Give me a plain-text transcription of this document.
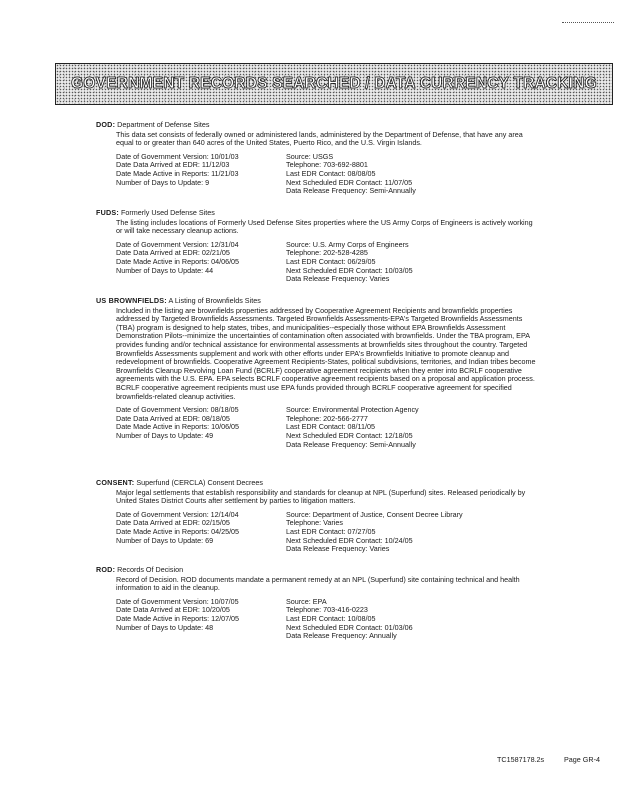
GOVERNMENT RECORDS SEARCHED / DATA CURRENCY TRACKING
DOD: Department of Defense Sites
This data set consists of federally owned or administered lands, administered by the Department of Defense, that have any area equal to or greater than 640 acres of the United States, Puerto Rico, and the U.S. Virgin Islands.
Date of Government Version: 10/01/03	Source: USGS
Date Data Arrived at EDR: 11/12/03	Telephone: 703-692-8801
Date Made Active in Reports: 11/21/03	Last EDR Contact: 08/08/05
Number of Days to Update: 9	Next Scheduled EDR Contact: 11/07/05
Data Release Frequency: Semi-Annually
FUDS: Formerly Used Defense Sites
The listing includes locations of Formerly Used Defense Sites properties where the US Army Corps of Engineers is actively working or will take necessary cleanup actions.
Date of Government Version: 12/31/04	Source: U.S. Army Corps of Engineers
Date Data Arrived at EDR: 02/21/05	Telephone: 202-528-4285
Date Made Active in Reports: 04/06/05	Last EDR Contact: 06/29/05
Number of Days to Update: 44	Next Scheduled EDR Contact: 10/03/05
Data Release Frequency: Varies
US BROWNFIELDS: A Listing of Brownfields Sites
Included in the listing are brownfields properties addressed by Cooperative Agreement Recipients and brownfields properties addressed by Targeted Brownfields Assessments. Targeted Brownfields Assessments-EPA's Targeted Brownfields Assessments (TBA) program is designed to help states, tribes, and municipalities--especially those without EPA Brownfields Assessment Demonstration Pilots--minimize the uncertainties of contamination often associated with brownfields. Under the TBA program, EPA provides funding and/or technical assistance for environmental assessments at brownfields sites throughout the country. Targeted Brownfields Assessments supplement and work with other efforts under EPA's Brownfields Initiative to promote cleanup and redevelopment of brownfields. Cooperative Agreement Recipients-States, political subdivisions, territories, and Indian tribes become Brownfields Cleanup Revolving Loan Fund (BCRLF) cooperative agreement recipients when they enter into BCRLF cooperative agreements with the U.S. EPA. EPA selects BCRLF cooperative agreement recipients based on a proposal and application process. BCRLF cooperative agreement recipients must use EPA funds provided through BCRLF cooperative agreement for specified brownfields-related cleanup activities.
Date of Government Version: 08/18/05	Source: Environmental Protection Agency
Date Data Arrived at EDR: 08/18/05	Telephone: 202-566-2777
Date Made Active in Reports: 10/06/05	Last EDR Contact: 08/11/05
Number of Days to Update: 49	Next Scheduled EDR Contact: 12/18/05
Data Release Frequency: Semi-Annually
CONSENT: Superfund (CERCLA) Consent Decrees
Major legal settlements that establish responsibility and standards for cleanup at NPL (Superfund) sites. Released periodically by United States District Courts after settlement by parties to litigation matters.
Date of Government Version: 12/14/04	Source: Department of Justice, Consent Decree Library
Date Data Arrived at EDR: 02/15/05	Telephone: Varies
Date Made Active in Reports: 04/25/05	Last EDR Contact: 07/27/05
Number of Days to Update: 69	Next Scheduled EDR Contact: 10/24/05
Data Release Frequency: Varies
ROD: Records Of Decision
Record of Decision. ROD documents mandate a permanent remedy at an NPL (Superfund) site containing technical and health information to aid in the cleanup.
Date of Government Version: 10/07/05	Source: EPA
Date Data Arrived at EDR: 10/20/05	Telephone: 703-416-0223
Date Made Active in Reports: 12/07/05	Last EDR Contact: 10/08/05
Number of Days to Update: 48	Next Scheduled EDR Contact: 01/03/06
Data Release Frequency: Annually
TC1587178.2s	Page GR-4
